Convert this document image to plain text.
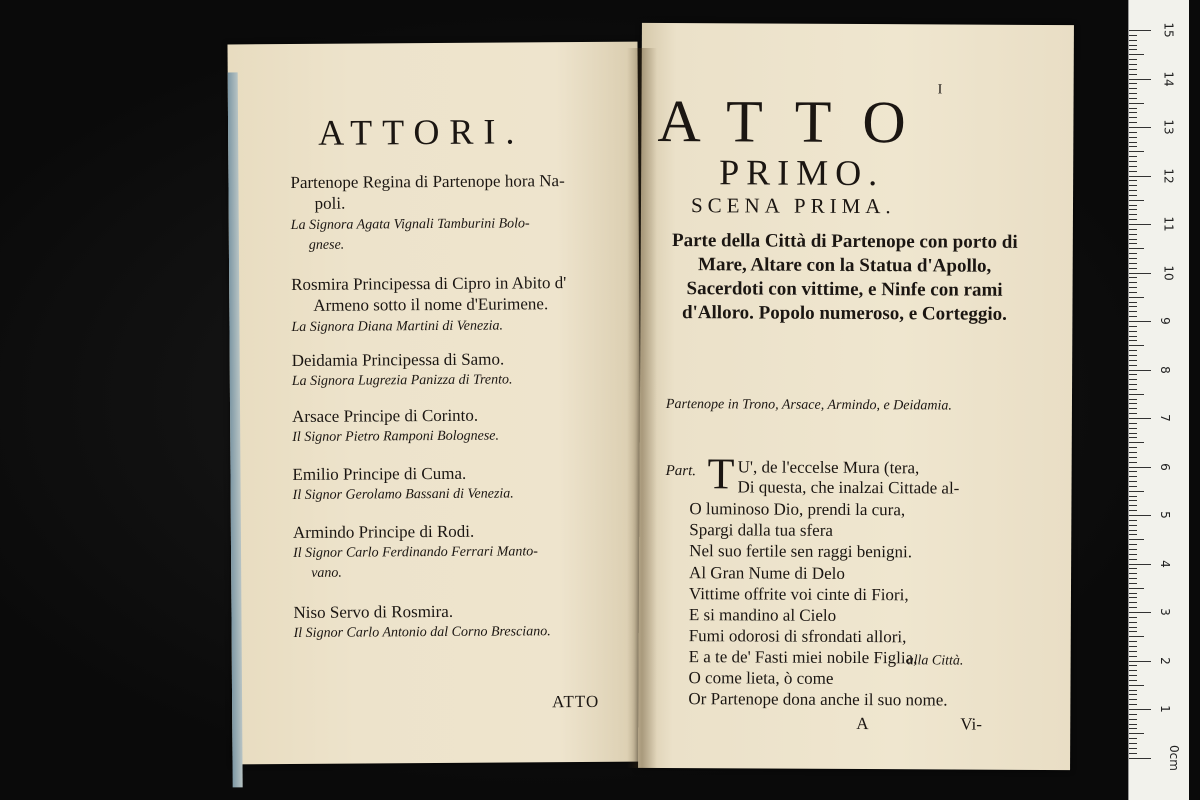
ATTORI.
Partenope Regina di Partenope hora Na-
poli.
La Signora Agata Vignali Tamburini Bolo-
gnese.
Rosmira Principessa di Cipro in Abito d'
Armeno sotto il nome d'Eurimene.
La Signora Diana Martini di Venezia.
Deidamia Principessa di Samo.
La Signora Lugrezia Panizza di Trento.
Arsace Principe di Corinto.
Il Signor Pietro Ramponi Bolognese.
Emilio Principe di Cuma.
Il Signor Gerolamo Bassani di Venezia.
Armindo Principe di Rodi.
Il Signor Carlo Ferdinando Ferrari Manto-
vano.
Niso Servo di Rosmira.
Il Signor Carlo Antonio dal Corno Bresciano.
ATTO
ATTO I
PRIMO.
SCENA PRIMA.
Parte della Città di Partenope con porto di Mare, Altare con la Statua d'Apollo, Sacerdoti con vittime, e Ninfe con rami d'Alloro. Popolo numeroso, e Corteggio.
Partenope in Trono, Arsace, Armindo, e Deidamia.
Part. T U', de l'eccelse Mura (tera,
Di questa, che inalzai Cittade al-
O luminoso Dio, prendi la cura,
Spargi dalla tua sfera
Nel suo fertile sen raggi benigni.
Al Gran Nume di Delo
Vittime offrite voi cinte di Fiori,
E si mandino al Cielo
Fumi odorosi di sfrondati allori,
E a te de' Fasti miei nobile Figlia,
O come lieta, ò come
Or Partenope dona anche il suo nome.
alla Città.
A	Vi-
15
14
13
12
11
10
9
8
7
6
5
4
3
2
1
0cm
